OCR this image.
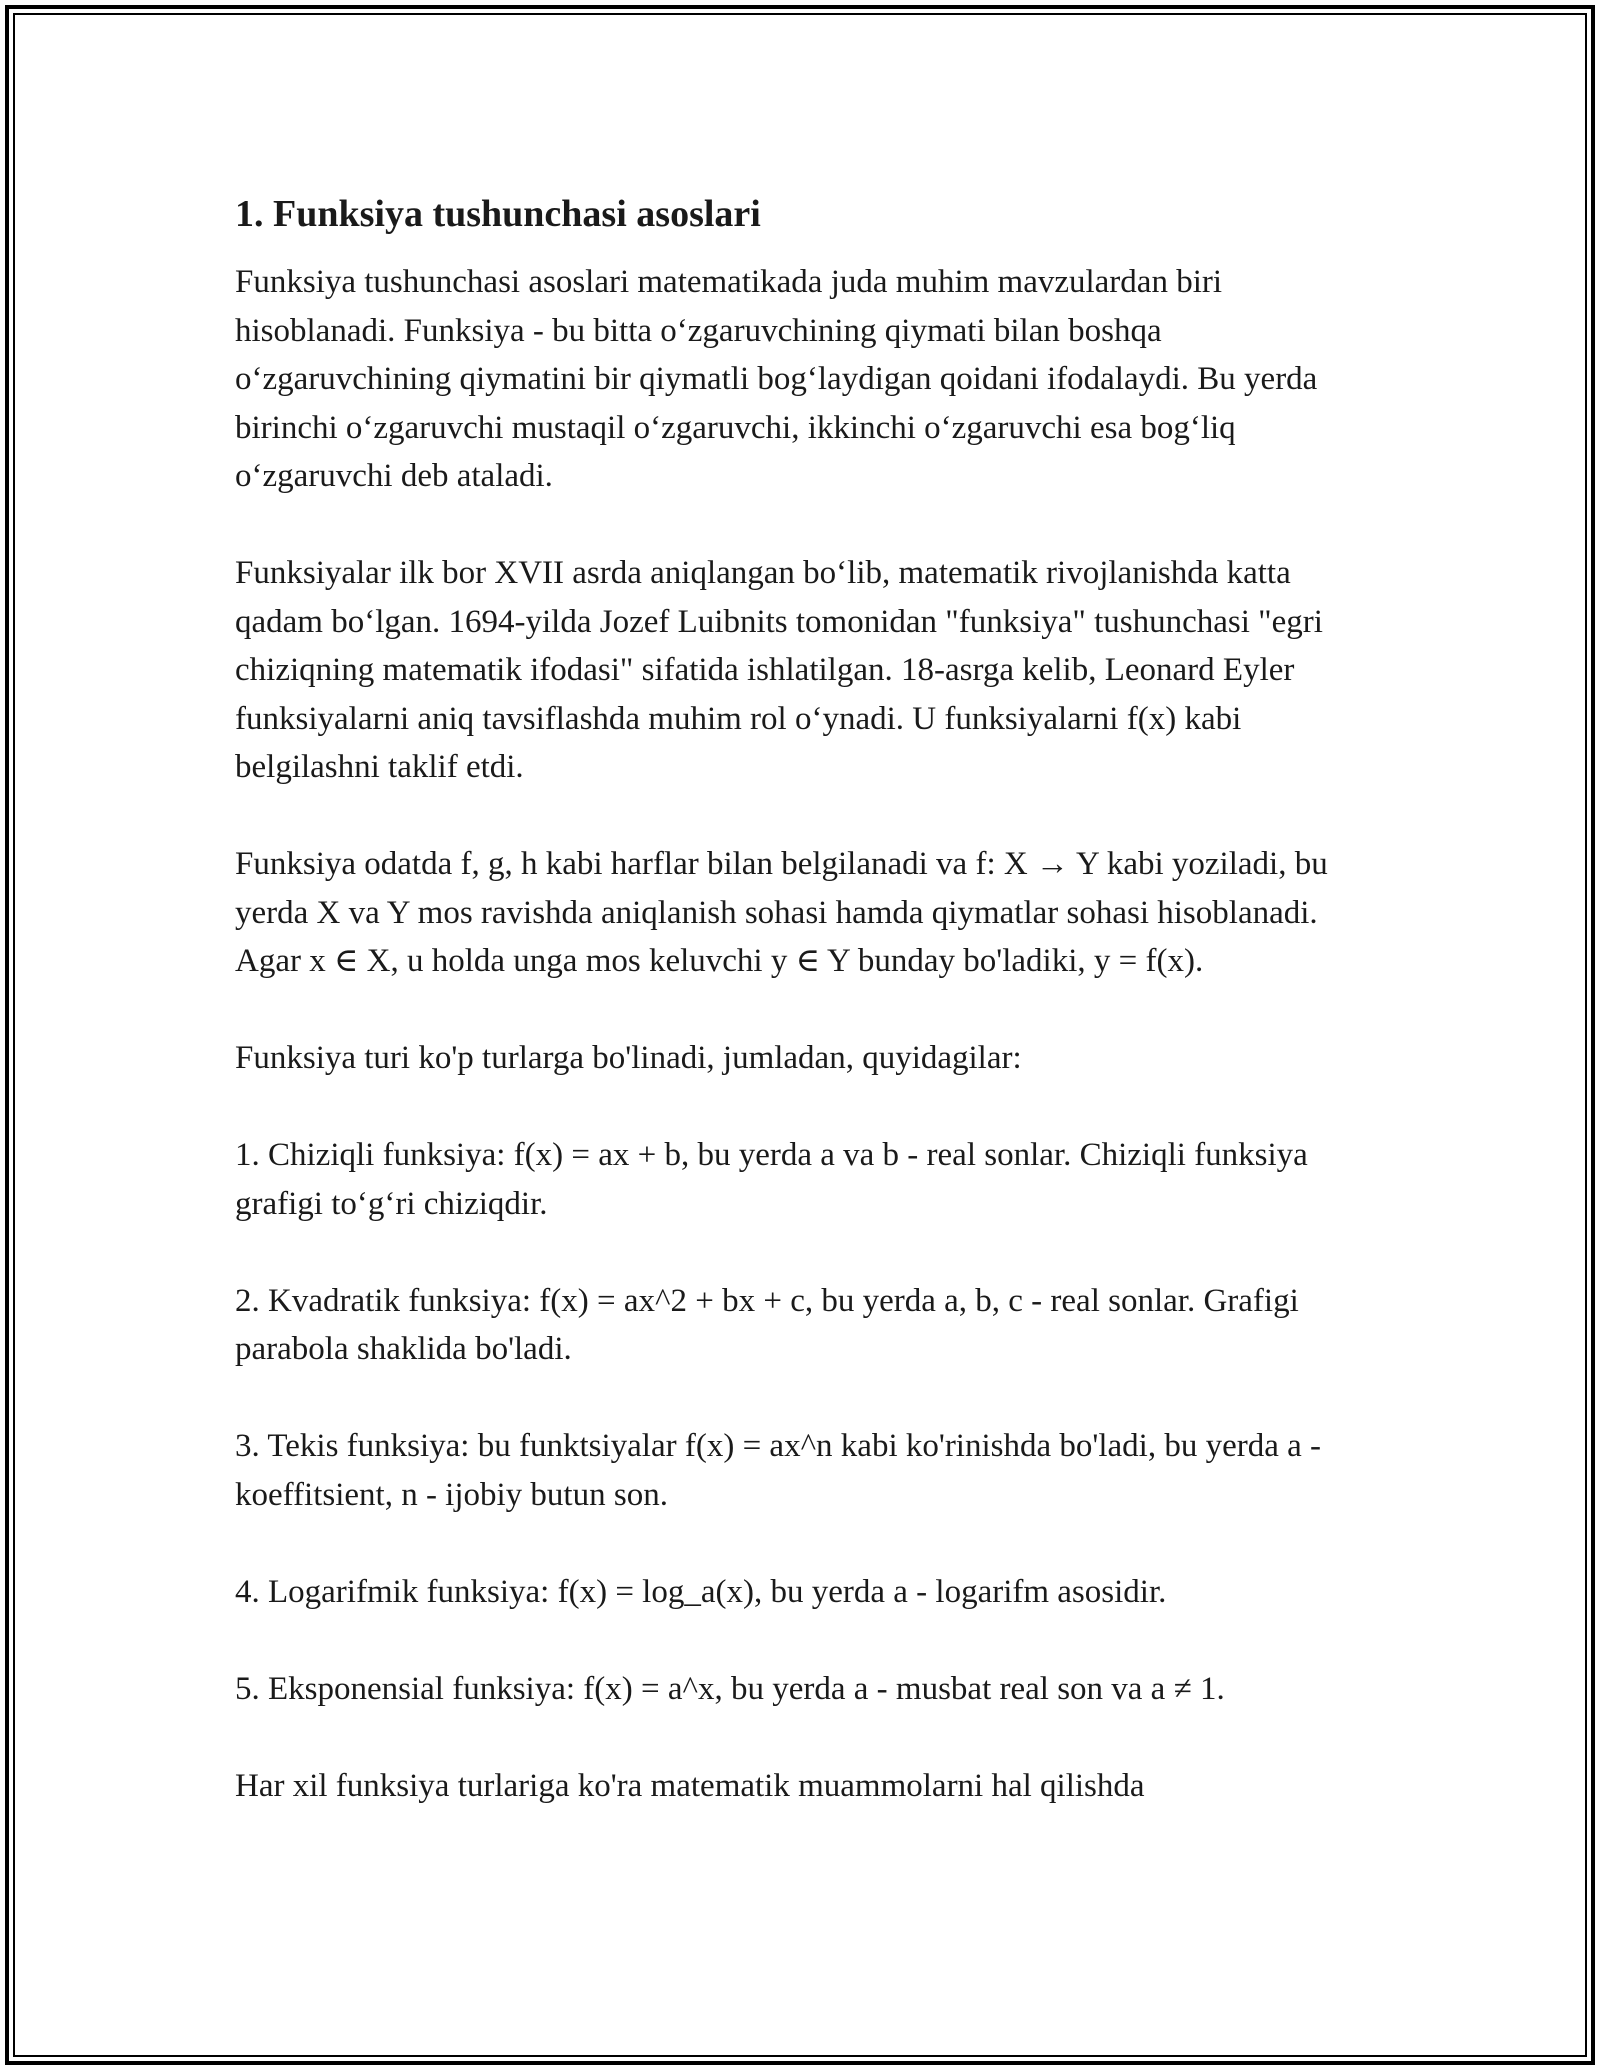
1. Funksiya tushunchasi asoslari

Funksiya tushunchasi asoslari matematikada juda muhim mavzulardan biri hisoblanadi. Funksiya - bu bitta o‘zgaruvchining qiymati bilan boshqa o‘zgaruvchining qiymatini bir qiymatli bog‘laydigan qoidani ifodalaydi. Bu yerda birinchi o‘zgaruvchi mustaqil o‘zgaruvchi, ikkinchi o‘zgaruvchi esa bog‘liq o‘zgaruvchi deb ataladi.

Funksiyalar ilk bor XVII asrda aniqlangan bo‘lib, matematik rivojlanishda katta qadam bo‘lgan. 1694-yilda Jozef Luibnits tomonidan "funksiya" tushunchasi "egri chiziqning matematik ifodasi" sifatida ishlatilgan. 18-asrga kelib, Leonard Eyler funksiyalarni aniq tavsiflashda muhim rol o‘ynadi. U funksiyalarni f(x) kabi belgilashni taklif etdi.

Funksiya odatda f, g, h kabi harflar bilan belgilanadi va f: X → Y kabi yoziladi, bu yerda X va Y mos ravishda aniqlanish sohasi hamda qiymatlar sohasi hisoblanadi. Agar x ∈ X, u holda unga mos keluvchi y ∈ Y bunday bo'ladiki, y = f(x).

Funksiya turi ko'p turlarga bo'linadi, jumladan, quyidagilar:

1. Chiziqli funksiya: f(x) = ax + b, bu yerda a va b - real sonlar. Chiziqli funksiya grafigi to‘g‘ri chiziqdir.

2. Kvadratik funksiya: f(x) = ax^2 + bx + c, bu yerda a, b, c - real sonlar. Grafigi parabola shaklida bo'ladi.

3. Tekis funksiya: bu funktsiyalar f(x) = ax^n kabi ko'rinishda bo'ladi, bu yerda a - koeffitsient, n - ijobiy butun son.

4. Logarifmik funksiya: f(x) = log_a(x), bu yerda a - logarifm asosidir.

5. Eksponensial funksiya: f(x) = a^x, bu yerda a - musbat real son va a ≠ 1.

Har xil funksiya turlariga ko'ra matematik muammolarni hal qilishda
